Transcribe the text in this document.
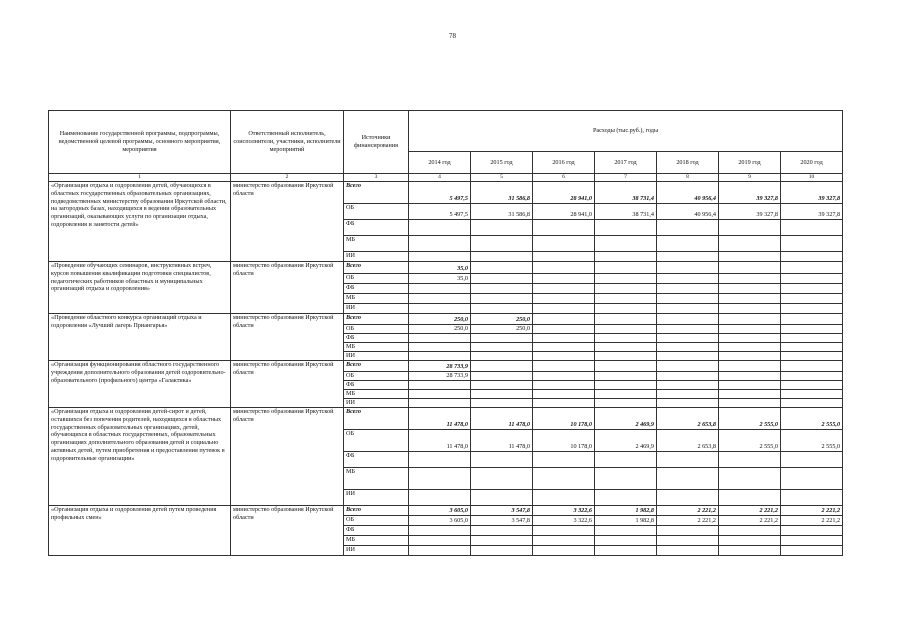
78
Наименование государственной программы, подпрограммы, ведомственной целевой программы, основного мероприятия, мероприятия	Ответственный исполнитель, соисполнители, участники, исполнители мероприятий	Источники финансирования	Расходы (тыс.руб.), годы						
			2014 год	2015 год	2016 год	2017 год	2018 год	2019 год	2020 год
1	2	3	4	5	6	7	8	9	10
«Организация отдыха и оздоровления детей, обучающихся в областных государственных образовательных организациях, подведомственных министерству образования Иркутской области, на загородных базах, находящихся в ведении образовательных организаций, оказывающих услуги по организации отдыха, оздоровления и занятости детей»	министерство образования Иркутской области	Всего	5 497,5	31 586,8	28 941,0	38 731,4	40 956,4	39 327,8	39 327,8
		ОБ	5 497,5	31 586,8	28 941,0	38 731,4	40 956,4	39 327,8	39 327,8
		ФБ							
		МБ							
		ИИ							
«Проведение обучающих семинаров, инструктивных встреч, курсов повышения квалификации подготовки специалистов, педагогических работников областных и муниципальных организаций отдыха и оздоровления»	министерство образования Иркутской области	Всего	35,0						
		ОБ	35,0						
		ФБ							
		МБ							
		ИИ							
«Проведение областного конкурса организаций отдыха и оздоровления «Лучший лагерь Приангарья»	министерство образования Иркутской области	Всего	250,0	250,0					
		ОБ	250,0	250,0					
		ФБ							
		МБ							
		ИИ							
«Организация функционирования областного государственного учреждения дополнительного образования детей оздоровительно-образовательного (профильного) центра «Галактика»	министерство образования Иркутской области	Всего	28 733,9						
		ОБ	28 733,9						
		ФБ							
		МБ							
		ИИ							
«Организация отдыха и оздоровления детей-сирот и детей, оставшихся без попечения родителей, находящихся в областных государственных образовательных организациях, детей, обучающихся в областных государственных, образовательных организациях дополнительного образования детей и социально активных детей, путем приобретения и предоставления путевок в оздоровительные организации»	министерство образования Иркутской области	Всего	11 478,0	11 478,0	10 178,0	2 469,9	2 653,8	2 555,0	2 555,0
		ОБ	11 478,0	11 478,0	10 178,0	2 469,9	2 653,8	2 555,0	2 555,0
		ФБ							
		МБ							
		ИИ							
«Организация отдыха и оздоровления детей путем проведения профильных смен»	министерство образования Иркутской области	Всего	3 605,0	3 547,8	3 322,6	1 982,8	2 221,2	2 221,2	2 221,2
		ОБ	3 605,0	3 547,8	3 322,6	1 982,8	2 221,2	2 221,2	2 221,2
		ФБ							
		МБ							
		ИИ							
